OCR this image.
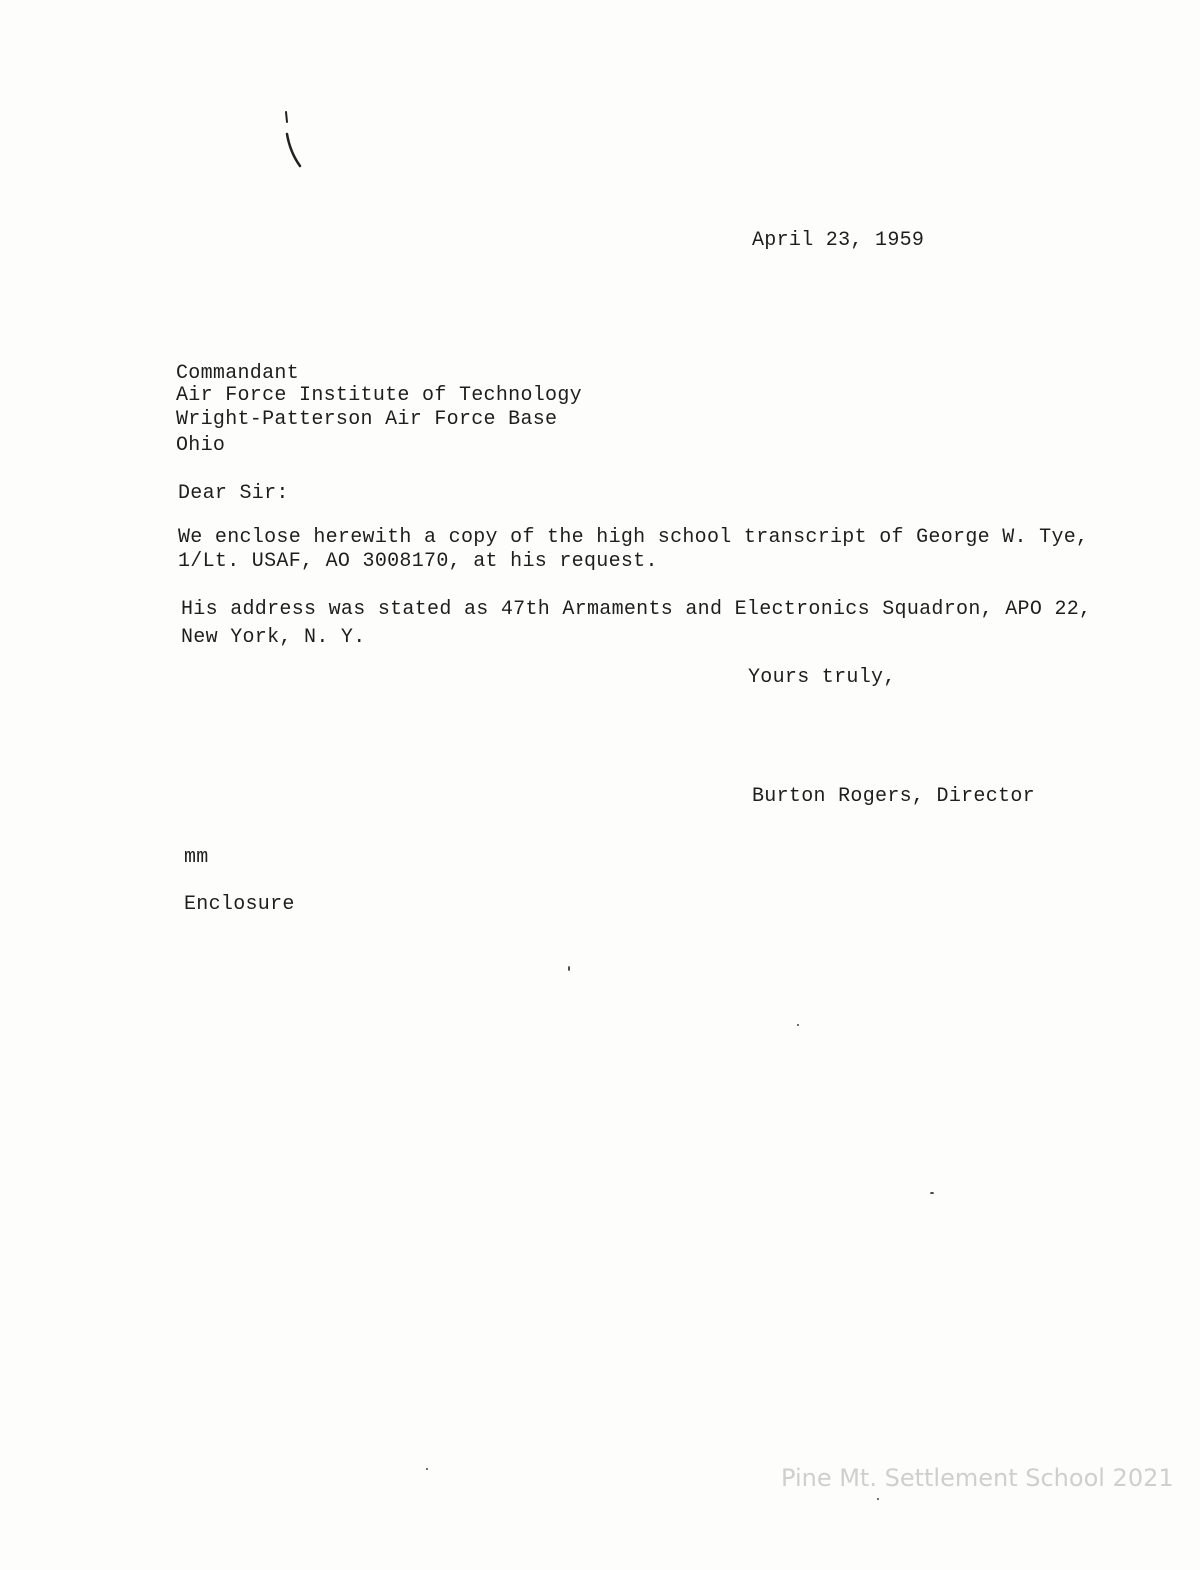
April 23, 1959
Commandant
Air Force Institute of Technology
Wright-Patterson Air Force Base
Ohio
Dear Sir:
We enclose herewith a copy of the high school transcript of George W. Tye,
1/Lt. USAF, AO 3008170, at his request.
His address was stated as 47th Armaments and Electronics Squadron, APO 22,
New York, N. Y.
Yours truly,
Burton Rogers, Director
mm
Enclosure
Pine Mt. Settlement School 2021
